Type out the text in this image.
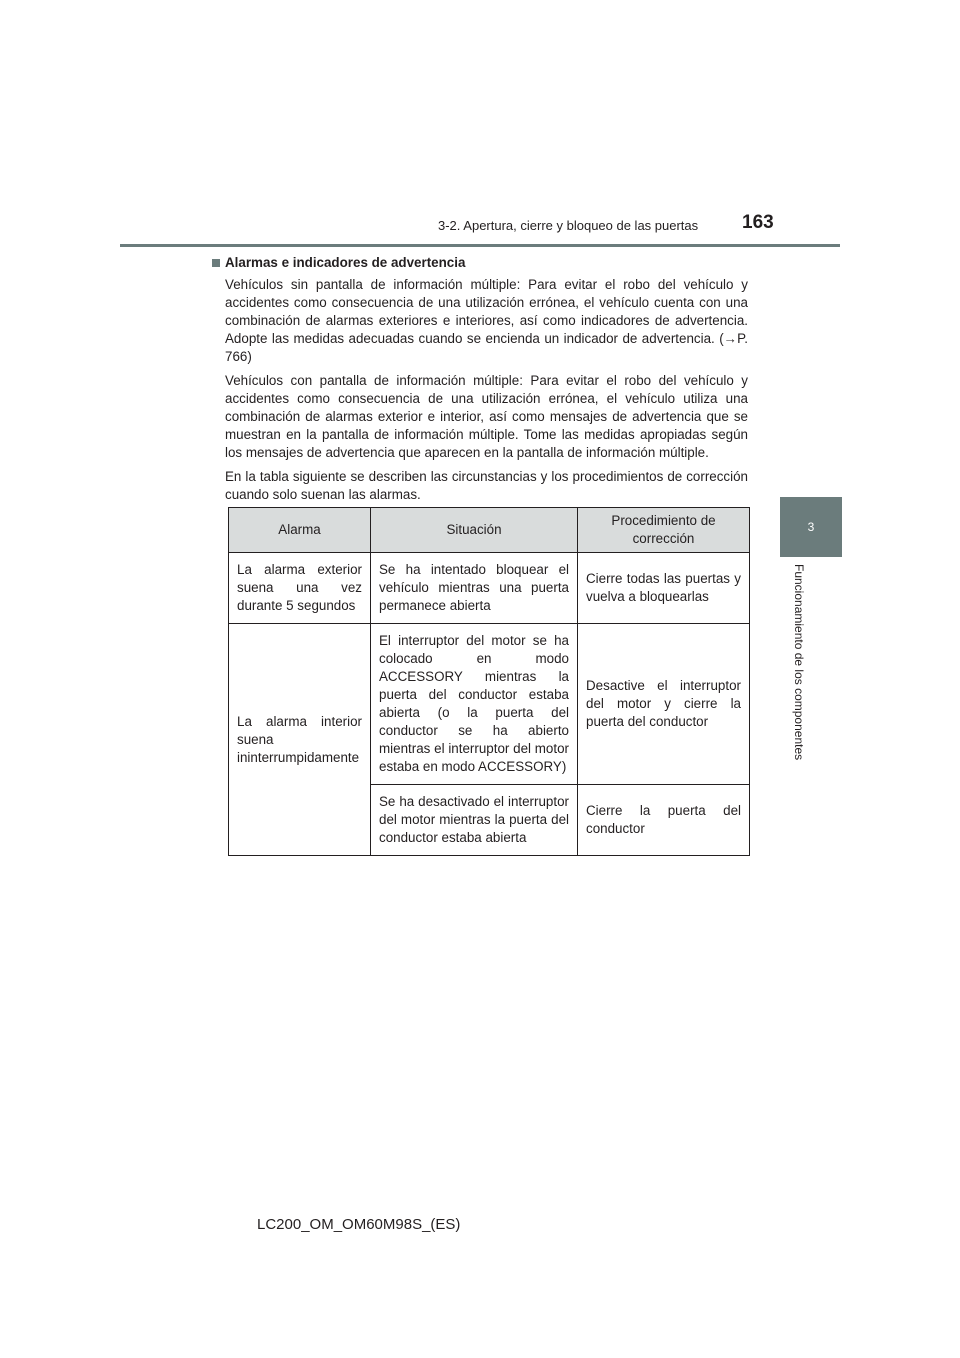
3-2. Apertura, cierre y bloqueo de las puertas 163
3
Funcionamiento de los componentes
Alarmas e indicadores de advertencia

Vehículos sin pantalla de información múltiple: Para evitar el robo del vehículo y accidentes como consecuencia de una utilización errónea, el vehículo cuenta con una combinación de alarmas exteriores e interiores, así como indicadores de advertencia. Adopte las medidas adecuadas cuando se encienda un indicador de advertencia. (→P. 766)

Vehículos con pantalla de información múltiple: Para evitar el robo del vehículo y accidentes como consecuencia de una utilización errónea, el vehículo utiliza una combinación de alarmas exterior e interior, así como mensajes de advertencia que se muestran en la pantalla de información múltiple. Tome las medidas apropiadas según los mensajes de advertencia que aparecen en la pantalla de información múltiple.

En la tabla siguiente se describen las circunstancias y los procedimientos de corrección cuando solo suenan las alarmas.

Alarma	Situación	Procedimiento de corrección
La alarma exterior suena una vez durante 5 segundos	Se ha intentado bloquear el vehículo mientras una puerta permanece abierta	Cierre todas las puertas y vuelva a bloquearlas
La alarma interior suena ininterrumpidamente	El interruptor del motor se ha colocado en modo ACCESSORY mientras la puerta del conductor estaba abierta (o la puerta del conductor se ha abierto mientras el interruptor del motor estaba en modo ACCESSORY)	Desactive el interruptor del motor y cierre la puerta del conductor
	Se ha desactivado el interruptor del motor mientras la puerta del conductor estaba abierta	Cierre la puerta del conductor
LC200_OM_OM60M98S_(ES)
